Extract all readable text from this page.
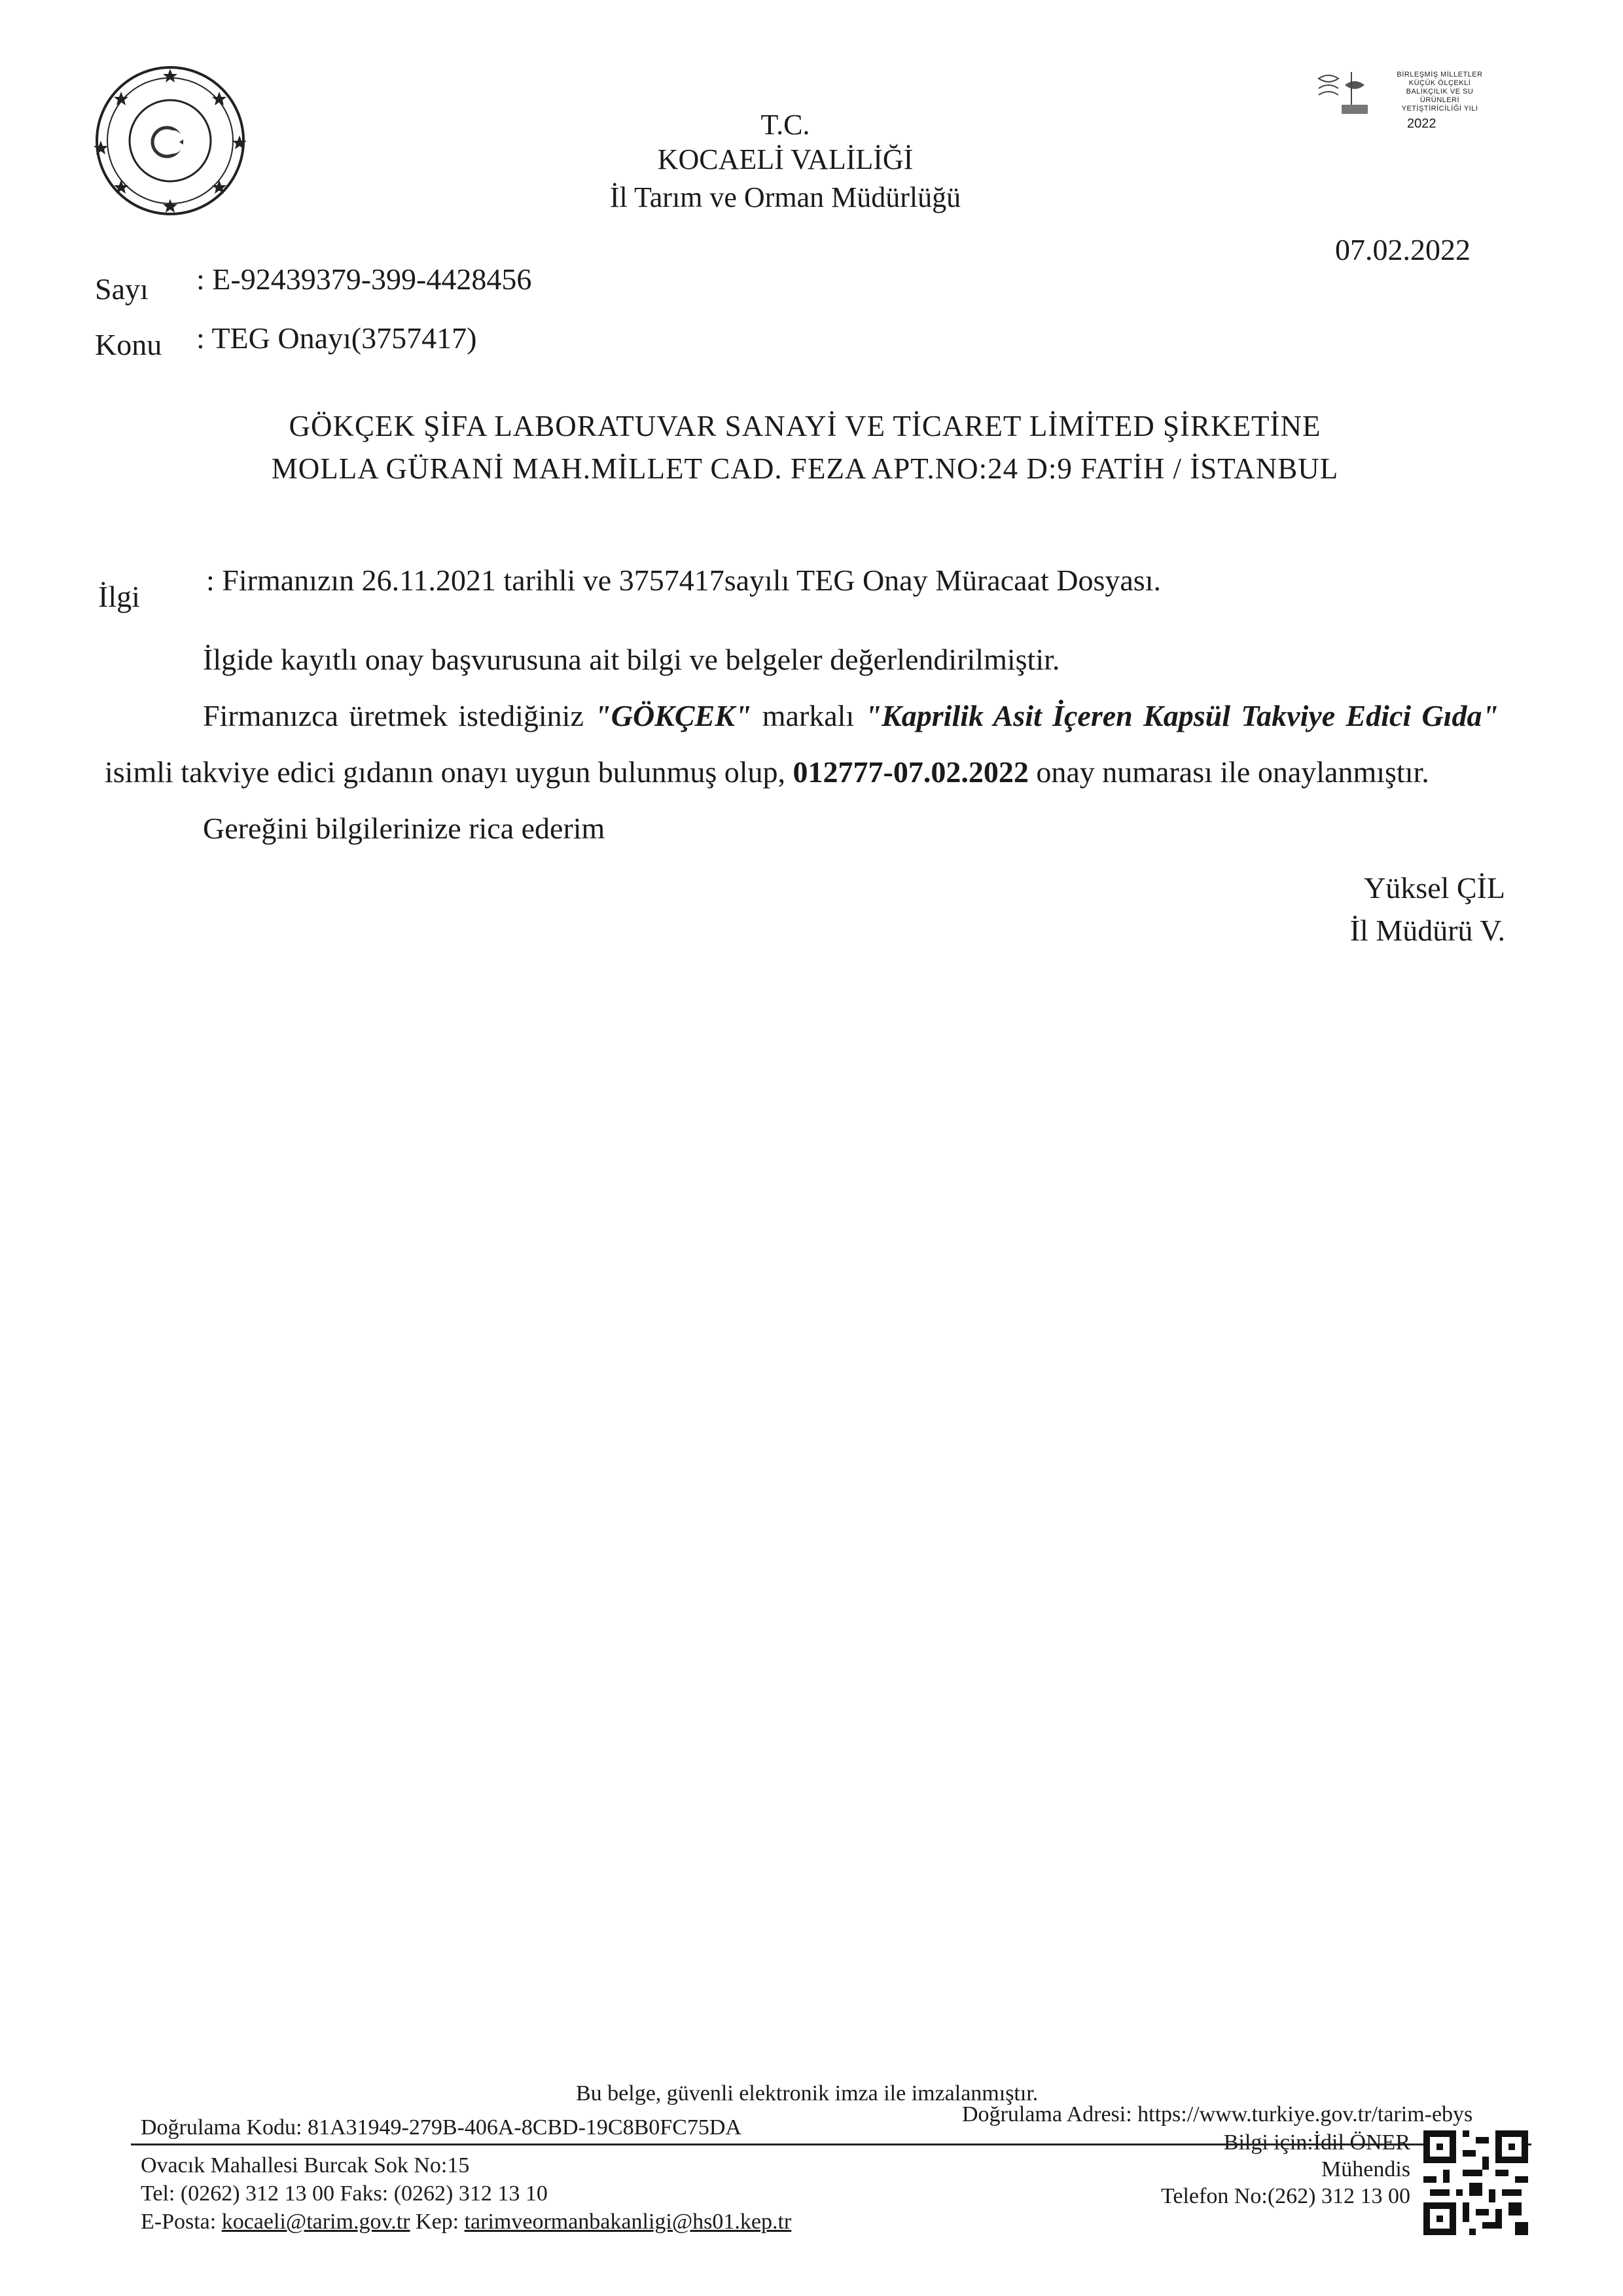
BİRLEŞMİŞ MİLLETLER
KÜÇÜK ÖLÇEKLİ
BALIKÇILIK VE SU ÜRÜNLERİ
YETİŞTİRİCİLİĞİ YILI
2022
T.C.
KOCAELİ VALİLİĞİ
İl Tarım ve Orman Müdürlüğü
07.02.2022
Sayı : E-92439379-399-4428456
Konu : TEG Onayı(3757417)
GÖKÇEK ŞİFA LABORATUVAR SANAYİ VE TİCARET LİMİTED ŞİRKETİNE
MOLLA GÜRANİ MAH.MİLLET CAD. FEZA APT.NO:24 D:9 FATİH / İSTANBUL
İlgi : Firmanızın 26.11.2021 tarihli ve 3757417sayılı TEG Onay Müracaat Dosyası.

İlgide kayıtlı onay başvurusuna ait bilgi ve belgeler değerlendirilmiştir.

Firmanızca üretmek istediğiniz "GÖKÇEK" markalı "Kaprilik Asit İçeren Kapsül Takviye Edici Gıda" isimli takviye edici gıdanın onayı uygun bulunmuş olup, 012777-07.02.2022 onay numarası ile onaylanmıştır.

Gereğini bilgilerinize rica ederim

Yüksel ÇİL
İl Müdürü V.
Bu belge, güvenli elektronik imza ile imzalanmıştır.
Doğrulama Kodu: 81A31949-279B-406A-8CBD-19C8B0FC75DA
Doğrulama Adresi: https://www.turkiye.gov.tr/tarim-ebys
Ovacık Mahallesi Burcak Sok No:15
Tel: (0262) 312 13 00 Faks: (0262) 312 13 10
E-Posta: kocaeli@tarim.gov.tr Kep: tarimveormanbakanligi@hs01.kep.tr
Bilgi için:İdil ÖNER
Mühendis
Telefon No:(262) 312 13 00
